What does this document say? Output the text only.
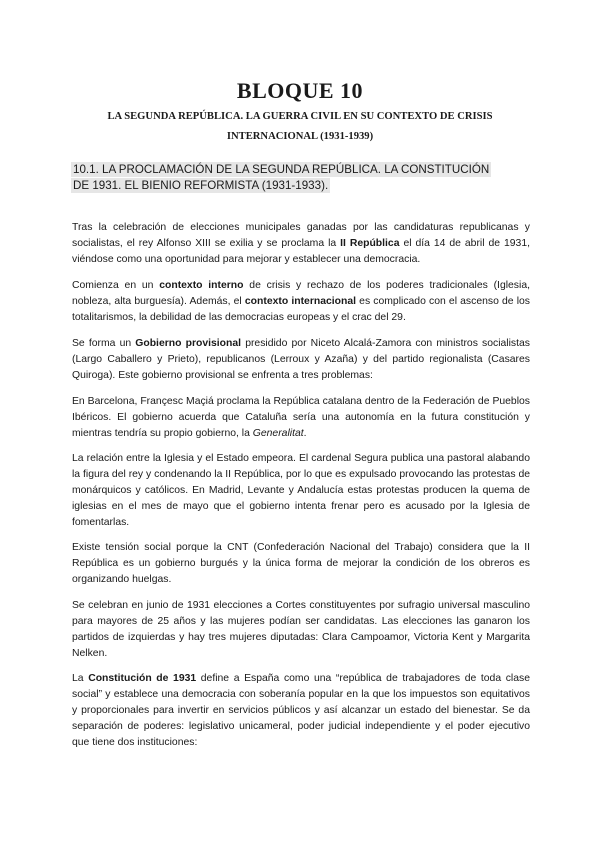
BLOQUE 10
LA SEGUNDA REPÚBLICA. LA GUERRA CIVIL EN SU CONTEXTO DE CRISIS INTERNACIONAL (1931-1939)
10.1. LA PROCLAMACIÓN DE LA SEGUNDA REPÚBLICA. LA CONSTITUCIÓN DE 1931. EL BIENIO REFORMISTA (1931-1933).
Tras la celebración de elecciones municipales ganadas por las candidaturas republicanas y socialistas, el rey Alfonso XIII se exilia y se proclama la II República el día 14 de abril de 1931, viéndose como una oportunidad para mejorar y establecer una democracia.
Comienza en un contexto interno de crisis y rechazo de los poderes tradicionales (Iglesia, nobleza, alta burguesía). Además, el contexto internacional es complicado con el ascenso de los totalitarismos, la debilidad de las democracias europeas y el crac del 29.
Se forma un Gobierno provisional presidido por Niceto Alcalá-Zamora con ministros socialistas (Largo Caballero y Prieto), republicanos (Lerroux y Azaña) y del partido regionalista (Casares Quiroga). Este gobierno provisional se enfrenta a tres problemas:
En Barcelona, Françesc Maçiá proclama la República catalana dentro de la Federación de Pueblos Ibéricos. El gobierno acuerda que Cataluña sería una autonomía en la futura constitución y mientras tendría su propio gobierno, la Generalitat.
La relación entre la Iglesia y el Estado empeora. El cardenal Segura publica una pastoral alabando la figura del rey y condenando la II República, por lo que es expulsado provocando las protestas de monárquicos y católicos. En Madrid, Levante y Andalucía estas protestas producen la quema de iglesias en el mes de mayo que el gobierno intenta frenar pero es acusado por la Iglesia de fomentarlas.
Existe tensión social porque la CNT (Confederación Nacional del Trabajo) considera que la II República es un gobierno burgués y la única forma de mejorar la condición de los obreros es organizando huelgas.
Se celebran en junio de 1931 elecciones a Cortes constituyentes por sufragio universal masculino para mayores de 25 años y las mujeres podían ser candidatas. Las elecciones las ganaron los partidos de izquierdas y hay tres mujeres diputadas: Clara Campoamor, Victoria Kent y Margarita Nelken.
La Constitución de 1931 define a España como una “república de trabajadores de toda clase social” y establece una democracia con soberanía popular en la que los impuestos son equitativos y proporcionales para invertir en servicios públicos y así alcanzar un estado del bienestar. Se da separación de poderes: legislativo unicameral, poder judicial independiente y el poder ejecutivo que tiene dos instituciones:
